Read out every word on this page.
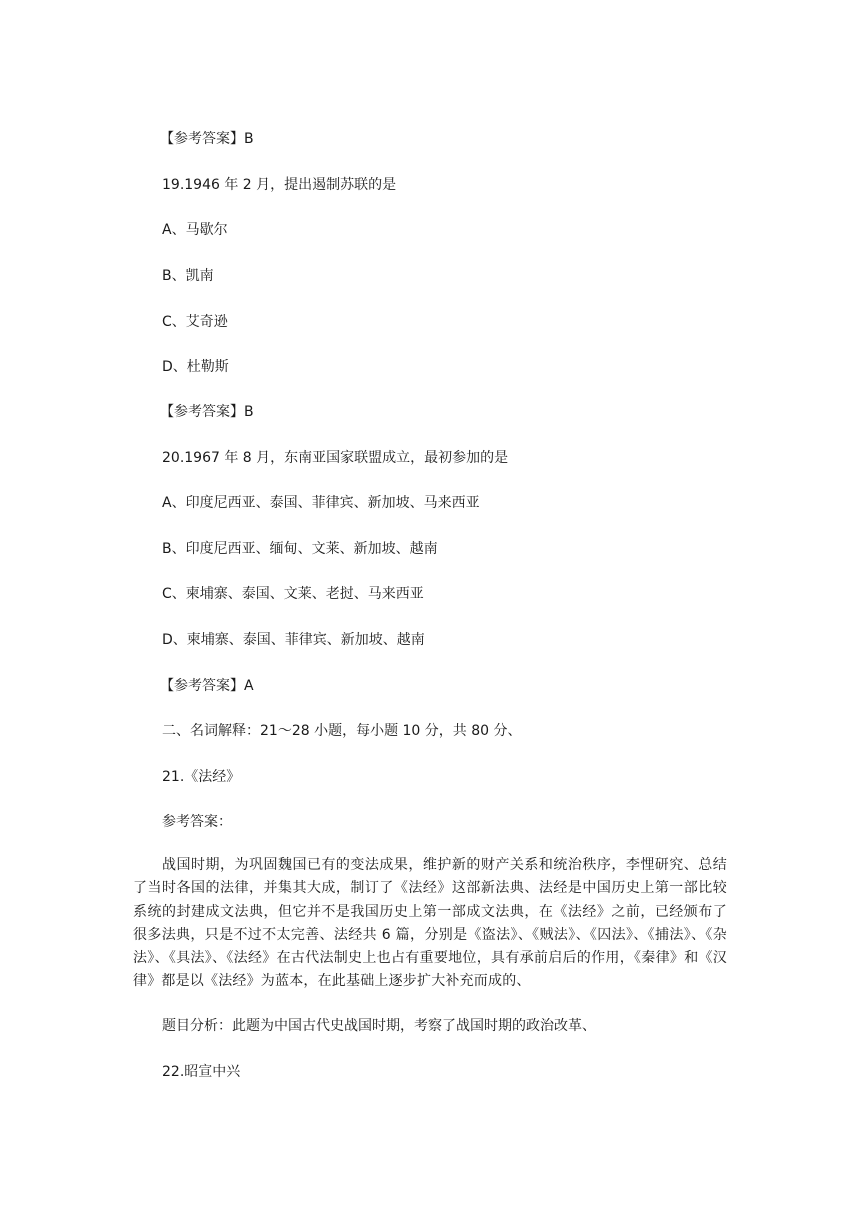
【参考答案】B
19.1946 年 2 月，提出遏制苏联的是
A、马歇尔
B、凯南
C、艾奇逊
D、杜勒斯
【参考答案】B
20.1967 年 8 月，东南亚国家联盟成立，最初参加的是
A、印度尼西亚、泰国、菲律宾、新加坡、马来西亚
B、印度尼西亚、缅甸、文莱、新加坡、越南
C、柬埔寨、泰国、文莱、老挝、马来西亚
D、柬埔寨、泰国、菲律宾、新加坡、越南
【参考答案】A
二、名词解释：21～28 小题，每小题 10 分，共 80 分、
21.《法经》
参考答案：
战国时期，为巩固魏国已有的变法成果，维护新的财产关系和统治秩序，李悝研究、总结了当时各国的法律，并集其大成，制订了《法经》这部新法典、法经是中国历史上第一部比较系统的封建成文法典，但它并不是我国历史上第一部成文法典，在《法经》之前，已经颁布了很多法典，只是不过不太完善、法经共 6 篇，分别是《盗法》、《贼法》、《囚法》、《捕法》、《杂法》、《具法》、《法经》在古代法制史上也占有重要地位，具有承前启后的作用，《秦律》和《汉律》都是以《法经》为蓝本，在此基础上逐步扩大补充而成的、
题目分析：此题为中国古代史战国时期，考察了战国时期的政治改革、
22.昭宣中兴
